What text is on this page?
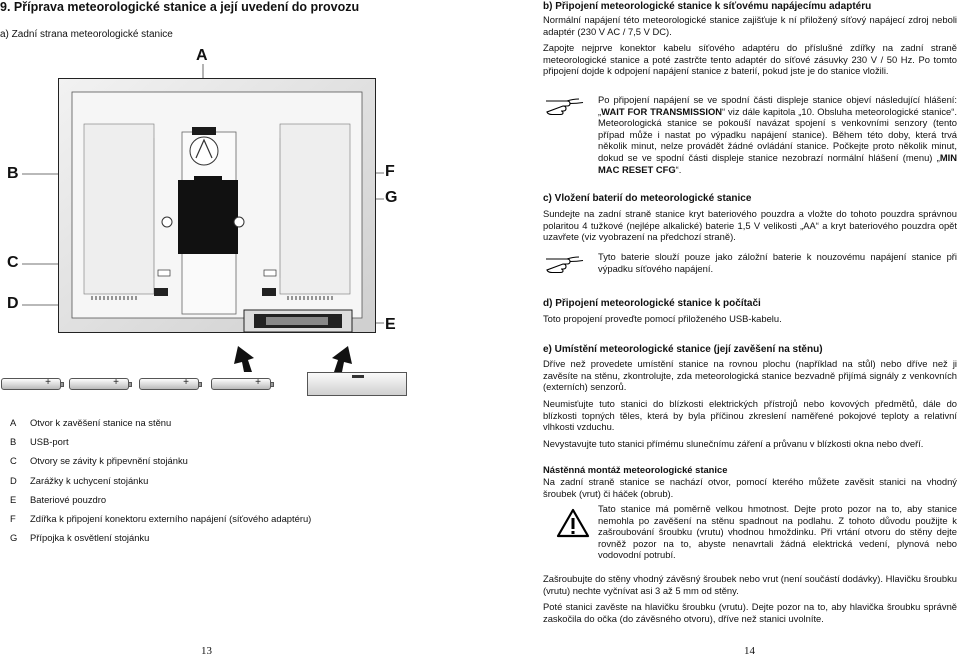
9. Příprava meteorologické stanice a její uvedení do provozu
a) Zadní strana meteorologické stanice
A
B
C
D
E
F
G
+	+	+	+
A	Otvor k zavěšení stanice na stěnu
B	USB-port
C	Otvory se závity k připevnění stojánku
D	Zarážky k uchycení stojánku
E	Bateriové pouzdro
F	Zdířka k připojení konektoru externího napájení (síťového adaptéru)
G	Přípojka k osvětlení stojánku
13
b) Připojení meteorologické stanice k síťovému napájecímu adaptéru
Normální napájení této meteorologické stanice zajišťuje k ní přiložený síťový napájecí zdroj neboli adaptér (230 V AC / 7,5 V DC).
Zapojte nejprve konektor kabelu síťového adaptéru do příslušné zdířky na zadní straně meteorologické stanice a poté zastrčte tento adaptér do síťové zásuvky 230 V / 50 Hz. Po tomto připojení dojde k odpojení napájení stanice z baterií, pokud jste je do stanice vložili.
Po připojení napájení se ve spodní části displeje stanice objeví následující hlášení: „WAIT FOR TRANSMISSION“ viz dále kapitola „10. Obsluha meteorologické stanice“. Meteorologická stanice se pokouší navázat spojení s venkovními senzory (tento případ může i nastat po výpadku napájení stanice). Během této doby, která trvá několik minut, nelze provádět žádné ovládání stanice. Počkejte proto několik minut, dokud se ve spodní části displeje stanice nezobrazí normální hlášení (menu) „MIN MAC RESET CFG“.
c) Vložení baterií do meteorologické stanice
Sundejte na zadní straně stanice kryt bateriového pouzdra a vložte do tohoto pouzdra správnou polaritou 4 tužkové (nejlépe alkalické) baterie 1,5 V velikosti „AA“ a kryt bateriového pouzdra opět uzavřete (viz vyobrazení na předchozí straně).
Tyto baterie slouží pouze jako záložní baterie k nouzovému napájení stanice při výpadku síťového napájení.
d) Připojení meteorologické stanice k počítači
Toto propojení proveďte pomocí přiloženého USB-kabelu.
e) Umístění meteorologické stanice (její zavěšení na stěnu)
Dříve než provedete umístění stanice na rovnou plochu (například na stůl) nebo dříve než ji zavěsíte na stěnu, zkontrolujte, zda meteorologická stanice bezvadně přijímá signály z venkovních (externích) senzorů.
Neumisťujte tuto stanici do blízkosti elektrických přístrojů nebo kovových předmětů, dále do blízkosti topných těles, která by byla příčinou zkreslení naměřené pokojové teploty a relativní vlhkosti vzduchu.
Nevystavujte tuto stanici přímému slunečnímu záření a průvanu v blízkosti okna nebo dveří.
Nástěnná montáž meteorologické stanice
Na zadní straně stanice se nachází otvor, pomocí kterého můžete zavěsit stanici na vhodný šroubek (vrut) či háček (obrub).
Tato stanice má poměrně velkou hmotnost. Dejte proto pozor na to, aby stanice nemohla po zavěšení na stěnu spadnout na podlahu. Z tohoto důvodu použijte k zašroubování šroubku (vrutu) vhodnou hmoždinku. Při vrtání otvoru do stěny dejte rovněž pozor na to, abyste nenavrtali žádná elektrická vedení, plynová nebo vodovodní potrubí.
Zašroubujte do stěny vhodný závěsný šroubek nebo vrut (není součástí dodávky). Hlavičku šroubku (vrutu) nechte vyčnívat asi 3 až 5 mm od stěny.
Poté stanici zavěste na hlavičku šroubku (vrutu). Dejte pozor na to, aby hlavička šroubku správně zaskočila do očka (do závěsného otvoru), dříve než stanici uvolníte.
14
